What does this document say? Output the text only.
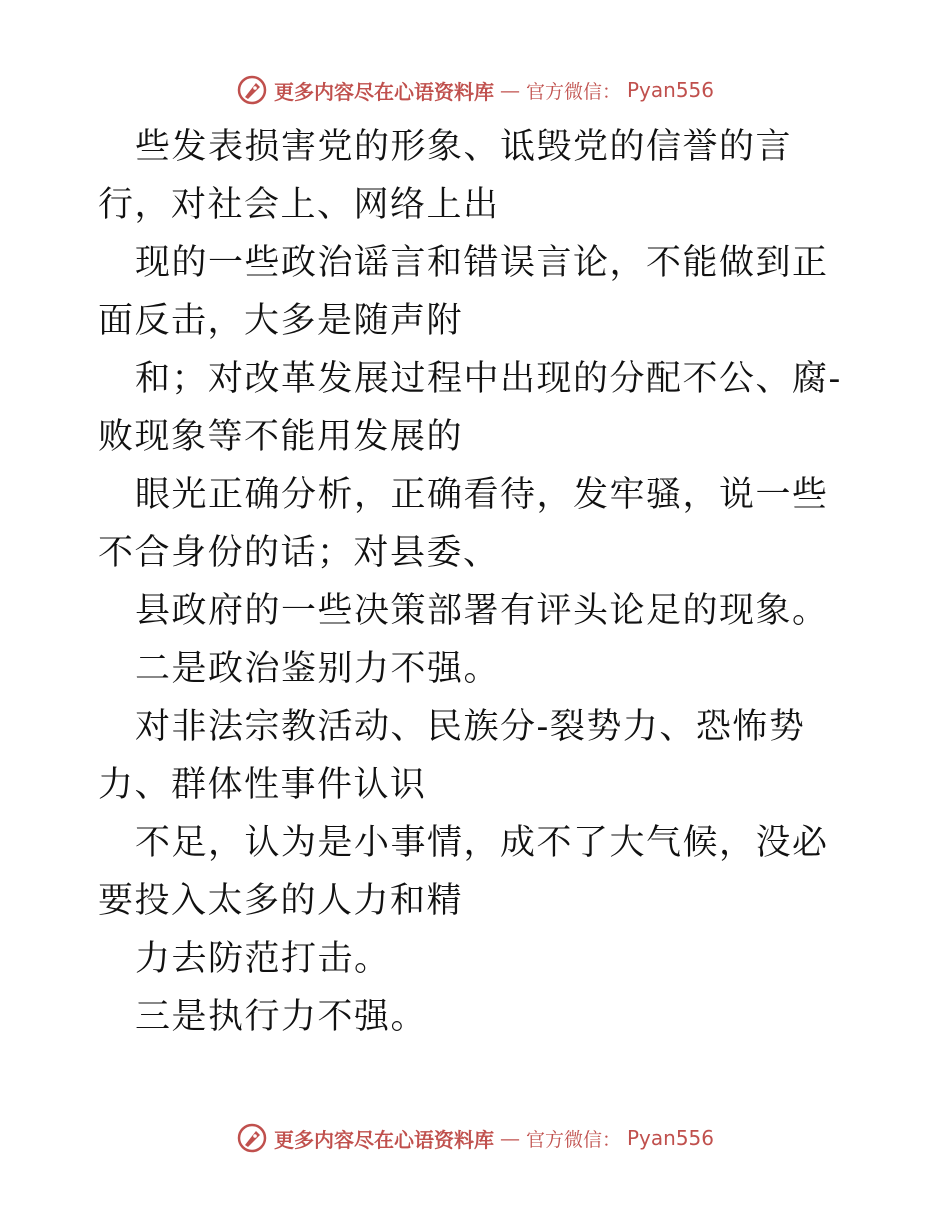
更多内容尽在心语资料库 — 官方微信： Pyan556

些发表损害党的形象、诋毁党的信誉的言行，对社会上、网络上出

现的一些政治谣言和错误言论，不能做到正面反击，大多是随声附

和；对改革发展过程中出现的分配不公、腐-败现象等不能用发展的

眼光正确分析，正确看待，发牢骚，说一些不合身份的话；对县委、

县政府的一些决策部署有评头论足的现象。

二是政治鉴别力不强。

对非法宗教活动、民族分-裂势力、恐怖势力、群体性事件认识

不足，认为是小事情，成不了大气候，没必要投入太多的人力和精

力去防范打击。

三是执行力不强。

更多内容尽在心语资料库 — 官方微信： Pyan556
